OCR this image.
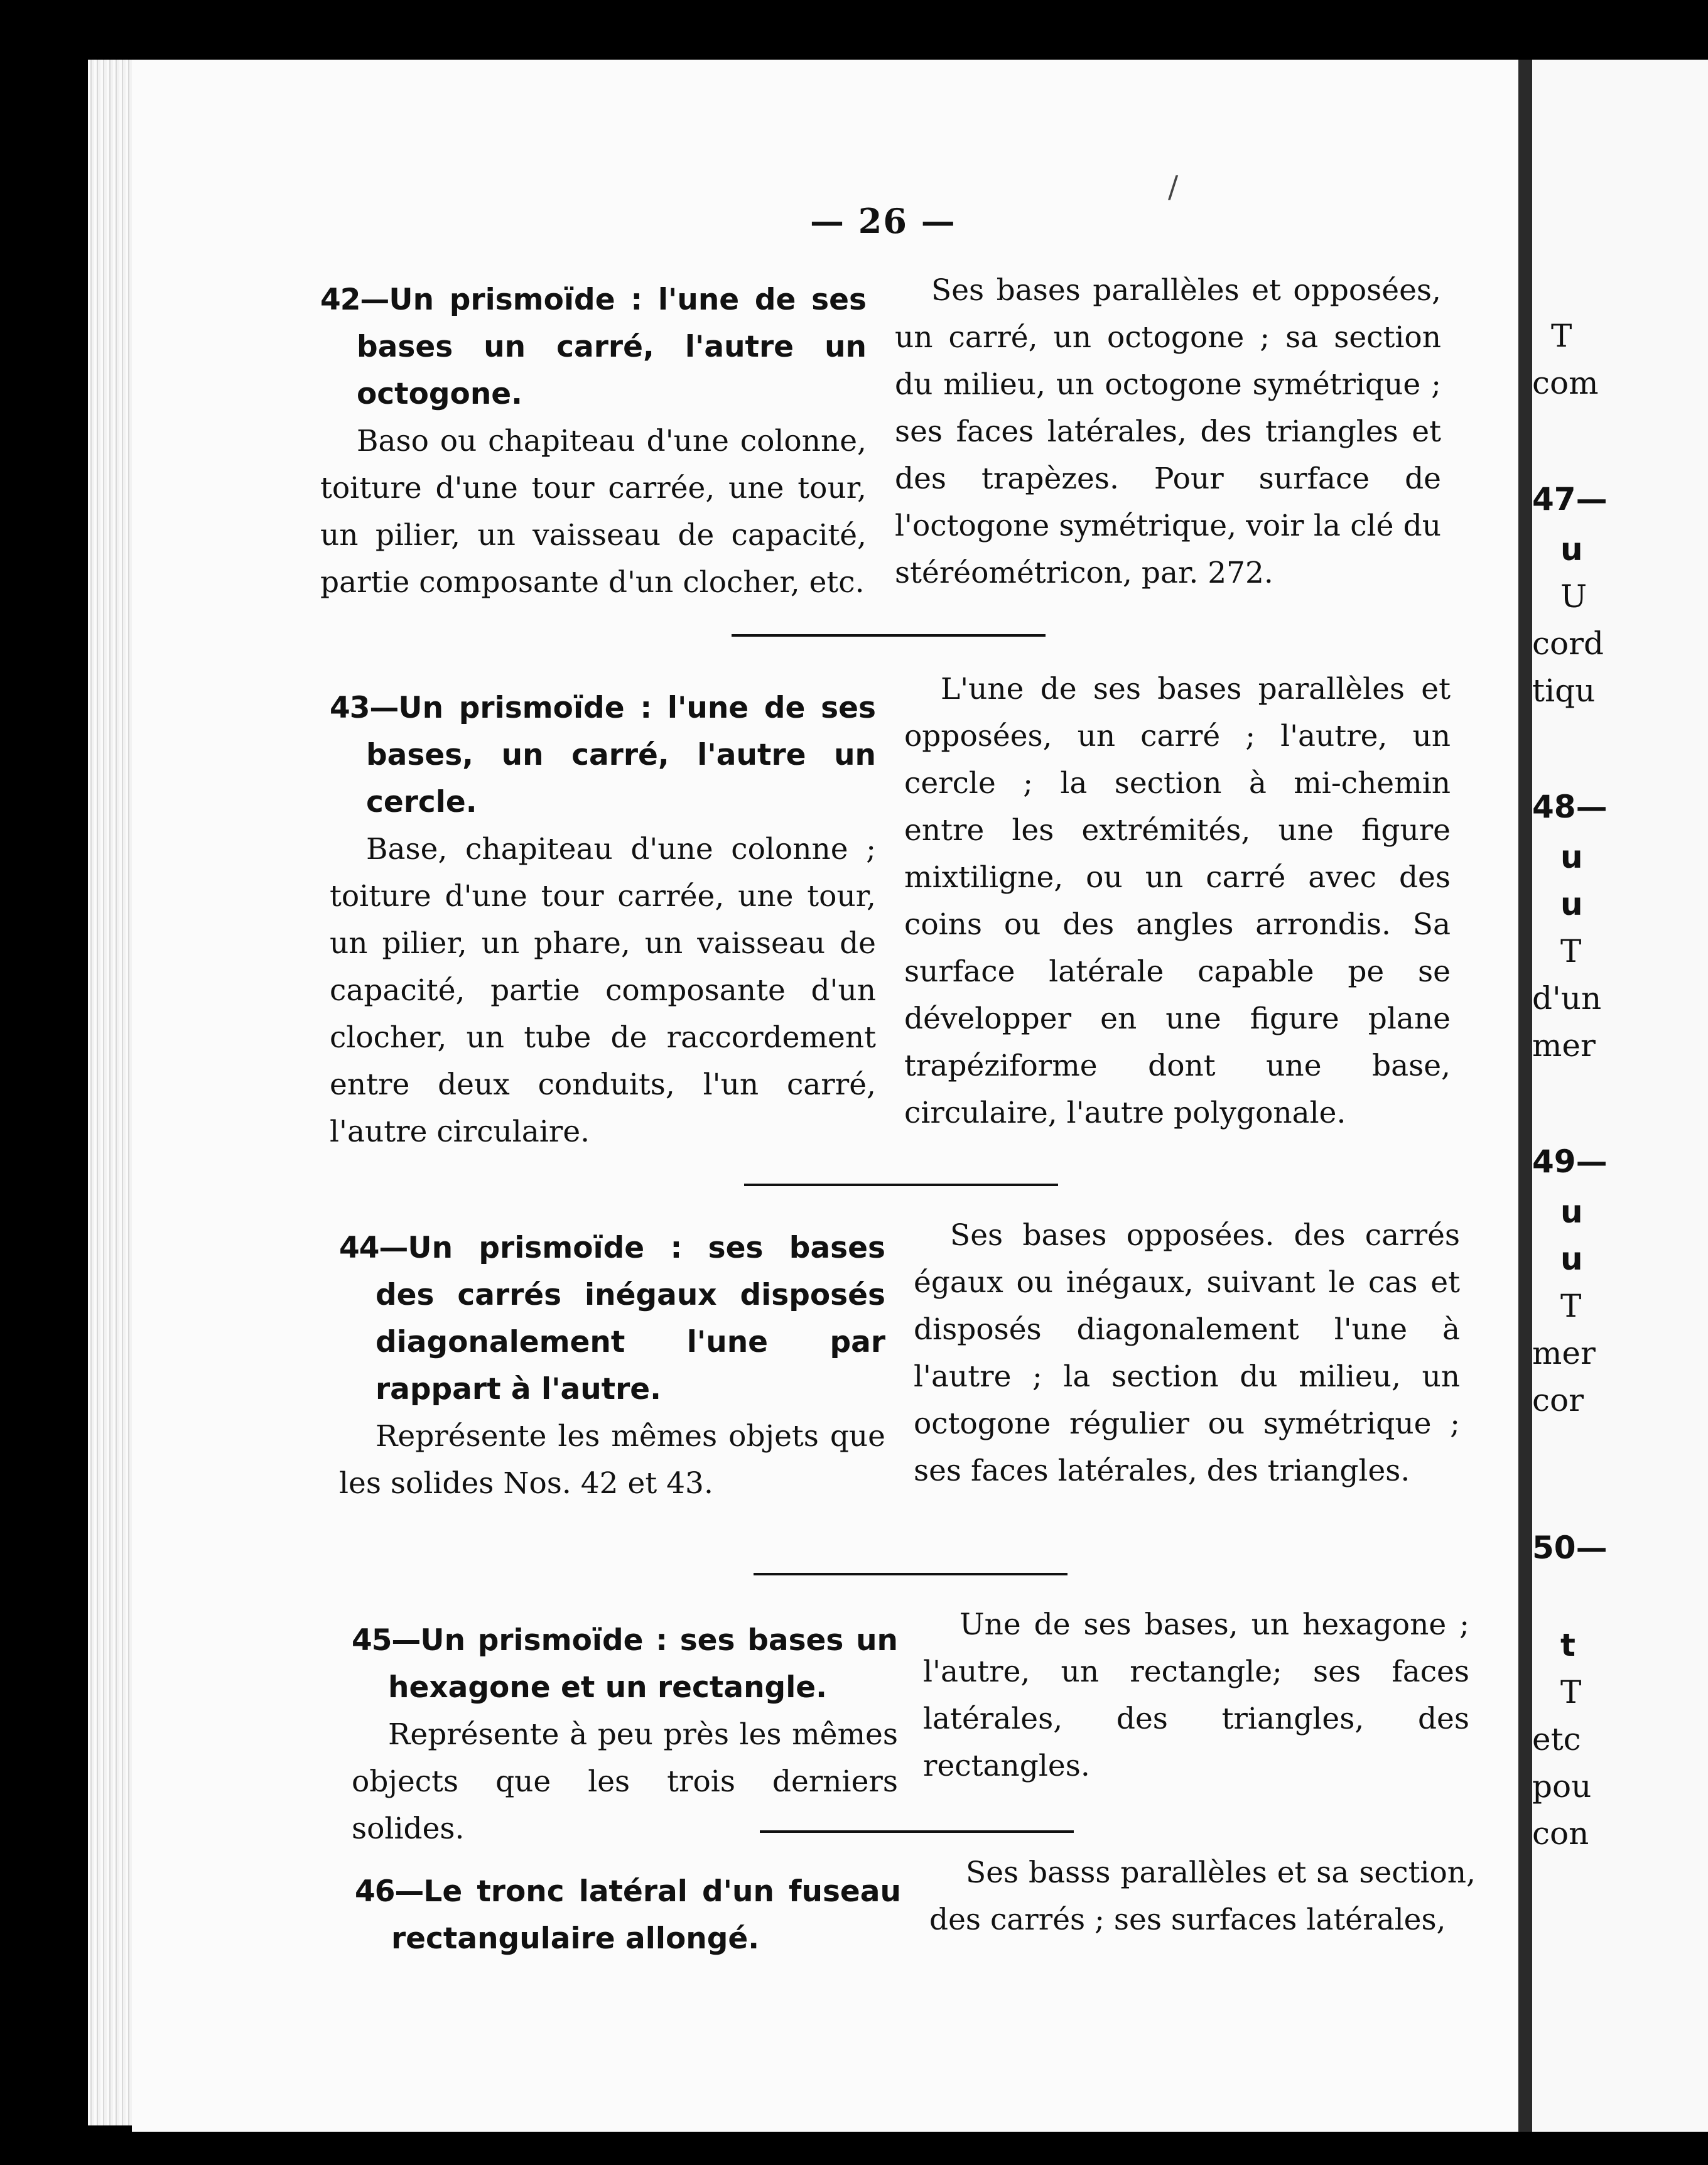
T
com
47—
u
U
cord
tiqu
48—
u
u
T
d'un
mer
49—
u
u
T
mer
cor
50—
t
T
etc
pou
con
— 26 —
/

42—Un prismoïde : l'une de ses bases un carré, l'autre un octogone.

Baso ou chapiteau d'une colonne, toiture d'une tour carrée, une tour, un pilier, un vaisseau de capacité, partie composante d'un clocher, etc.

Ses bases parallèles et opposées, un carré, un octogone ; sa section du milieu, un octogone symétrique ; ses faces latérales, des triangles et des trapèzes. Pour surface de l'octogone symétrique, voir la clé du stéréométricon, par. 272.

43—Un prismoïde : l'une de ses bases, un carré, l'autre un cercle.

Base, chapiteau d'une colonne ; toiture d'une tour carrée, une tour, un pilier, un phare, un vaisseau de capacité, partie composante d'un clocher, un tube de raccordement entre deux conduits, l'un carré, l'autre circulaire.

L'une de ses bases parallèles et opposées, un carré ; l'autre, un cercle ; la section à mi-chemin entre les extrémités, une figure mixtiligne, ou un carré avec des coins ou des angles arrondis. Sa surface latérale capable pe se développer en une figure plane trapéziforme dont une base, circulaire, l'autre polygonale.

44—Un prismoïde : ses bases des carrés inégaux disposés diagonalement l'une par rappart à l'autre.

Représente les mêmes objets que les solides Nos. 42 et 43.

Ses bases opposées. des carrés égaux ou inégaux, suivant le cas et disposés diagonalement l'une à l'autre ; la section du milieu, un octogone régulier ou symétrique ; ses faces latérales, des triangles.

45—Un prismoïde : ses bases un hexagone et un rectangle.

Représente à peu près les mêmes objects que les trois derniers solides.

Une de ses bases, un hexagone ; l'autre, un rectangle; ses faces latérales, des triangles, des rectangles.

46—Le tronc latéral d'un fuseau rectangulaire allongé.

Ses basss parallèles et sa section, des carrés ; ses surfaces latérales,
